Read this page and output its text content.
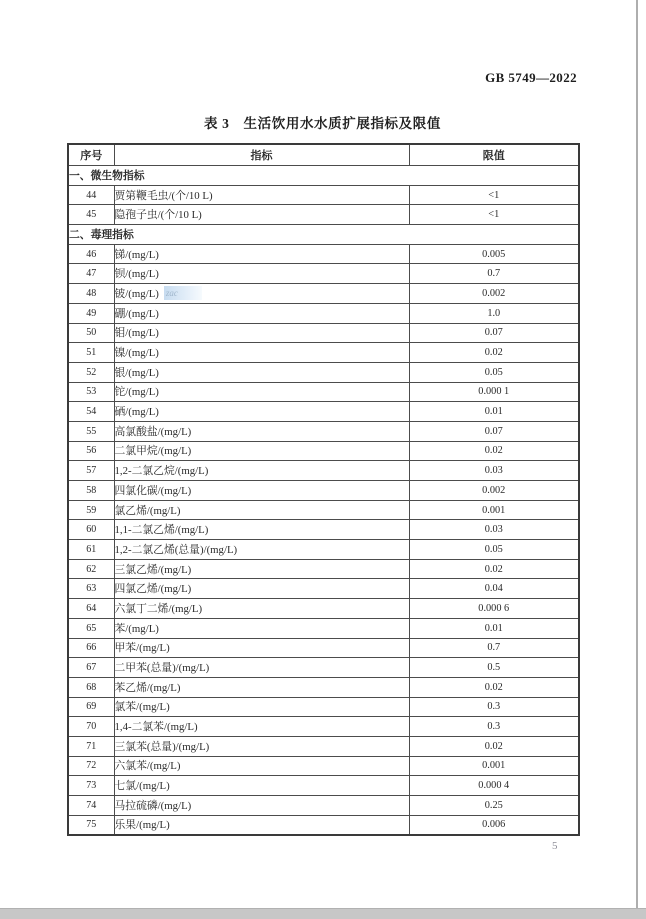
GB 5749—2022
表 3　生活饮用水水质扩展指标及限值
序号	指标	限值
一、微生物指标		
44	贾第鞭毛虫/(个/10 L)	<1
45	隐孢子虫/(个/10 L)	<1
二、毒理指标		
46	锑/(mg/L)	0.005
47	钡/(mg/L)	0.7
48	铍/(mg/L) zac	0.002
49	硼/(mg/L)	1.0
50	钼/(mg/L)	0.07
51	镍/(mg/L)	0.02
52	银/(mg/L)	0.05
53	铊/(mg/L)	0.000 1
54	硒/(mg/L)	0.01
55	高氯酸盐/(mg/L)	0.07
56	二氯甲烷/(mg/L)	0.02
57	1,2-二氯乙烷/(mg/L)	0.03
58	四氯化碳/(mg/L)	0.002
59	氯乙烯/(mg/L)	0.001
60	1,1-二氯乙烯/(mg/L)	0.03
61	1,2-二氯乙烯(总量)/(mg/L)	0.05
62	三氯乙烯/(mg/L)	0.02
63	四氯乙烯/(mg/L)	0.04
64	六氯丁二烯/(mg/L)	0.000 6
65	苯/(mg/L)	0.01
66	甲苯/(mg/L)	0.7
67	二甲苯(总量)/(mg/L)	0.5
68	苯乙烯/(mg/L)	0.02
69	氯苯/(mg/L)	0.3
70	1,4-二氯苯/(mg/L)	0.3
71	三氯苯(总量)/(mg/L)	0.02
72	六氯苯/(mg/L)	0.001
73	七氯/(mg/L)	0.000 4
74	马拉硫磷/(mg/L)	0.25
75	乐果/(mg/L)	0.006
5
